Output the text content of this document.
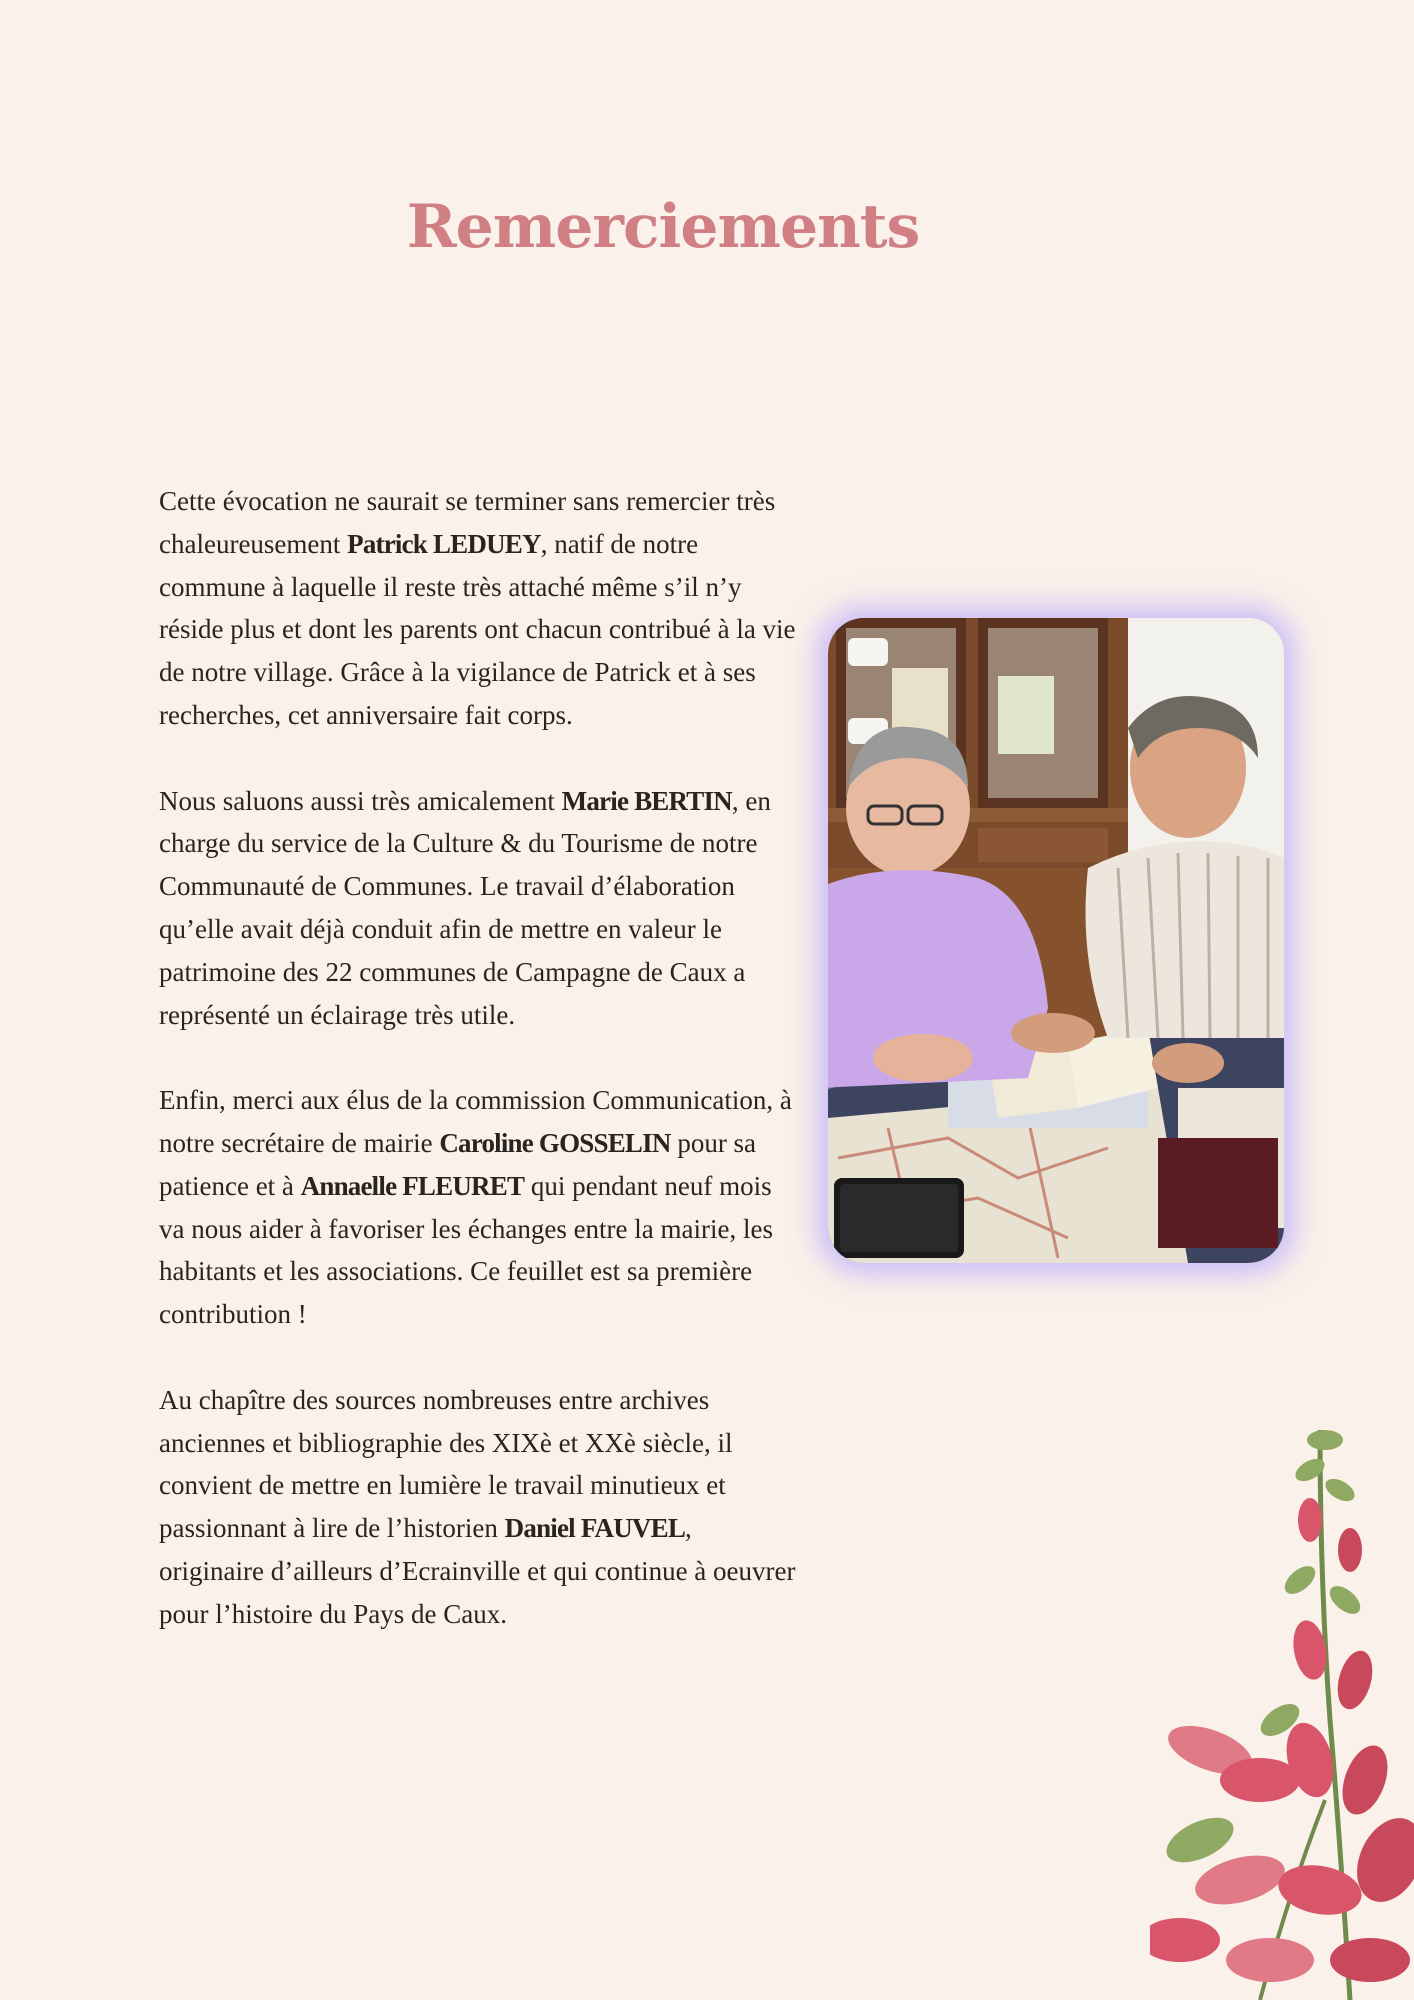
Remerciements

Cette évocation ne saurait se terminer sans remercier très chaleureusement Patrick LEDUEY, natif de notre commune à laquelle il reste très attaché même s’il n’y réside plus et dont les parents ont chacun contribué à la vie de notre village. Grâce à la vigilance de Patrick et à ses recherches, cet anniversaire fait corps.

Nous saluons aussi très amicalement Marie BERTIN, en charge du service de la Culture & du Tourisme de notre Communauté de Communes. Le travail d’élaboration qu’elle avait déjà conduit afin de mettre en valeur le patrimoine des 22 communes de Campagne de Caux a représenté un éclairage très utile.

Enfin, merci aux élus de la commission Communication, à notre secrétaire de mairie Caroline GOSSELIN pour sa patience et à Annaelle FLEURET qui pendant neuf mois va nous aider à favoriser les échanges entre la mairie, les habitants et les associations. Ce feuillet est sa première contribution !

Au chapître des sources nombreuses entre archives anciennes et bibliographie des XIXè et XXè siècle, il convient de mettre en lumière le travail minutieux et passionnant à lire de l’historien Daniel FAUVEL, originaire d’ailleurs d’Ecrainville et qui continue à oeuvrer pour l’histoire du Pays de Caux.
